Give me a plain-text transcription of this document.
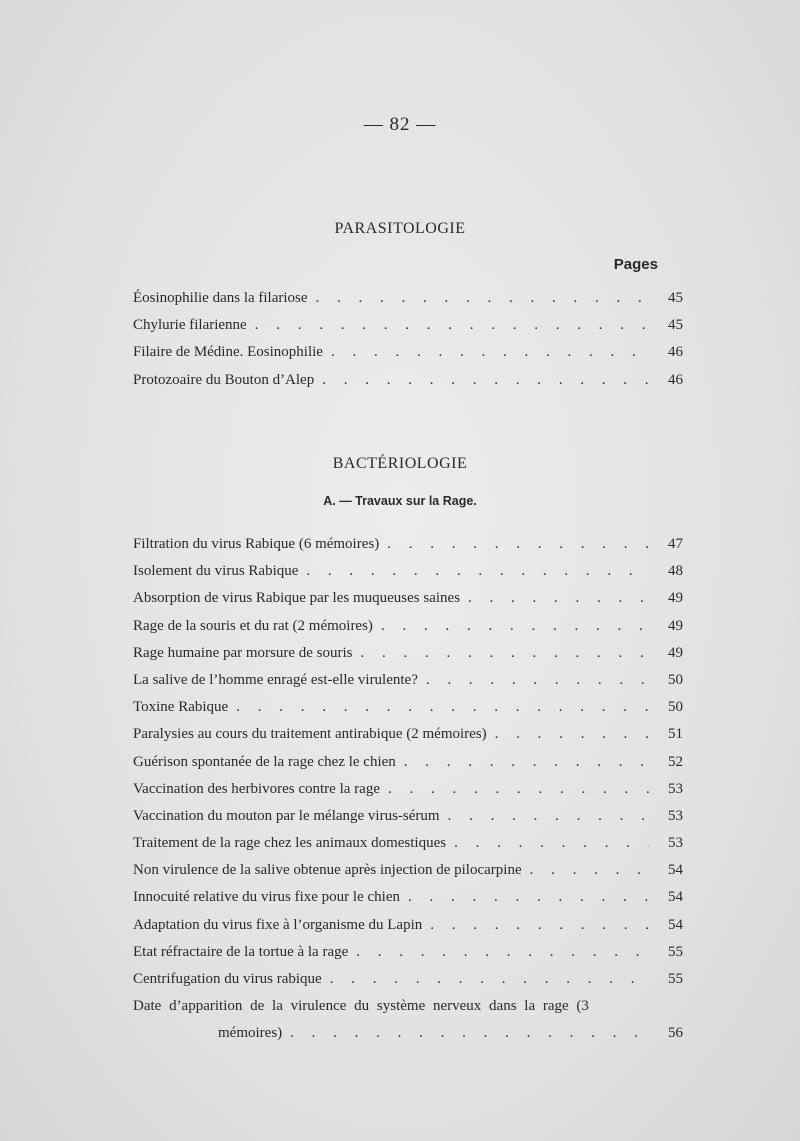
— 82 —
PARASITOLOGIE
Pages
Éosinophilie dans la filariose . . .	45
Chylurie filarienne . . .	45
Filaire de Médine. Eosinophilie . . .	46
Protozoaire du Bouton d’Alep . . .	46
BACTÉRIOLOGIE
A. — Travaux sur la Rage.
Filtration du virus Rabique (6 mémoires) . . .	47
Isolement du virus Rabique . . .	48
Absorption de virus Rabique par les muqueuses saines . . .	49
Rage de la souris et du rat (2 mémoires) . . .	49
Rage humaine par morsure de souris . . .	49
La salive de l’homme enragé est-elle virulente? . . .	50
Toxine Rabique . . .	50
Paralysies au cours du traitement antirabique (2 mémoires) . . .	51
Guérison spontanée de la rage chez le chien . . .	52
Vaccination des herbivores contre la rage . . .	53
Vaccination du mouton par le mélange virus-sérum . . .	53
Traitement de la rage chez les animaux domestiques . . .	53
Non virulence de la salive obtenue après injection de pilocarpine . . .	54
Innocuité relative du virus fixe pour le chien . . .	54
Adaptation du virus fixe à l’organisme du Lapin . . .	54
Etat réfractaire de la tortue à la rage . . .	55
Centrifugation du virus rabique . . .	55
Date d’apparition de la virulence du système nerveux dans la rage (3
mémoires) . . .	56
